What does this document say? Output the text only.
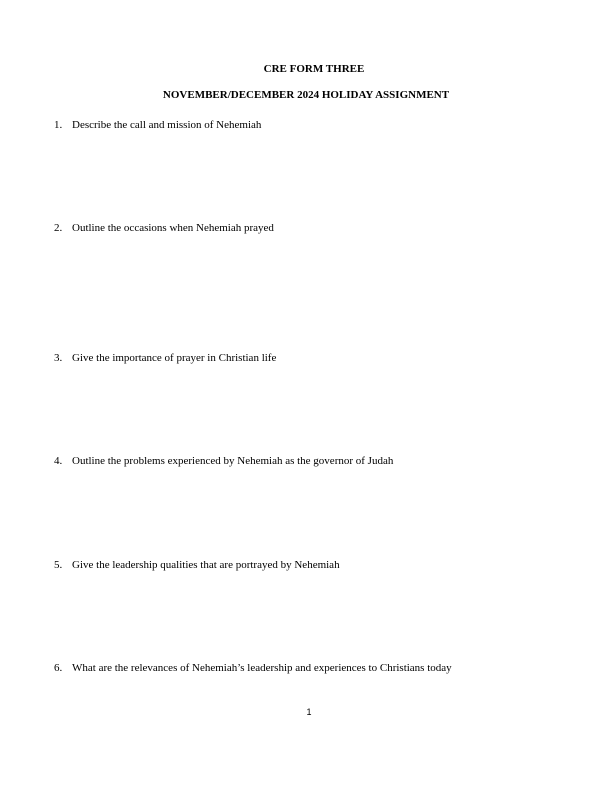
CRE FORM THREE
NOVEMBER/DECEMBER 2024 HOLIDAY ASSIGNMENT
1. Describe the call and mission of Nehemiah
2. Outline the occasions when Nehemiah prayed
3. Give the importance of prayer in Christian life
4. Outline the problems experienced by Nehemiah as the governor of Judah
5. Give the leadership qualities that are portrayed by Nehemiah
6. What are the relevances of Nehemiah’s leadership and experiences to Christians today
1
